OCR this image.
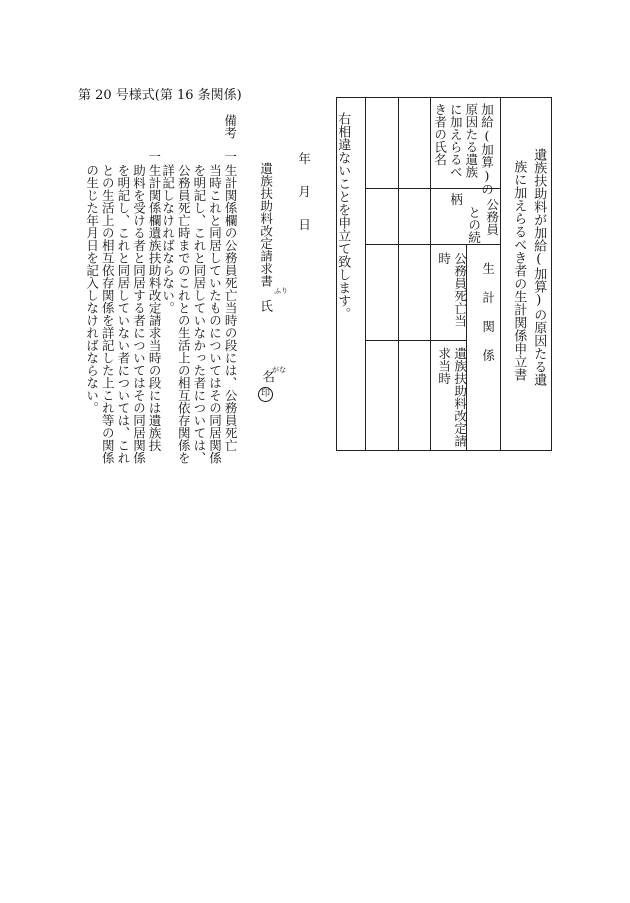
第 20 号様式(第 16 条関係)
遺族扶助料が加給(加算)の原因たる遺
族に加えらるべき者の生計関係申立書
加給(加算)の
原因たる遺族
に加えらるべ
き者の氏名
公務員
との続
柄
生　計　関　係
公務員死亡当
時
遺族扶助料改定請
求当時
右相違ないことを申立て致します。
年　月　日
遺族扶助料改定請求書　氏 ふり
名
がな
印
備考
一
生計関係欄の公務員死亡当時の段には、公務員死亡
当時これと同居していたものについてはその同居関係
を明記し、これと同居していなかった者については、
公務員死亡時までのこれとの生活上の相互依存関係を
詳記しなければならない。
一
生計関係欄遺族扶助料改定請求当時の段には遺族扶
助料を受ける者と同居する者についてはその同居関係
を明記し、これと同居していない者については、これ
との生活上の相互依存関係を詳記した上これ等の関係
の生じた年月日を記入しなければならない。
